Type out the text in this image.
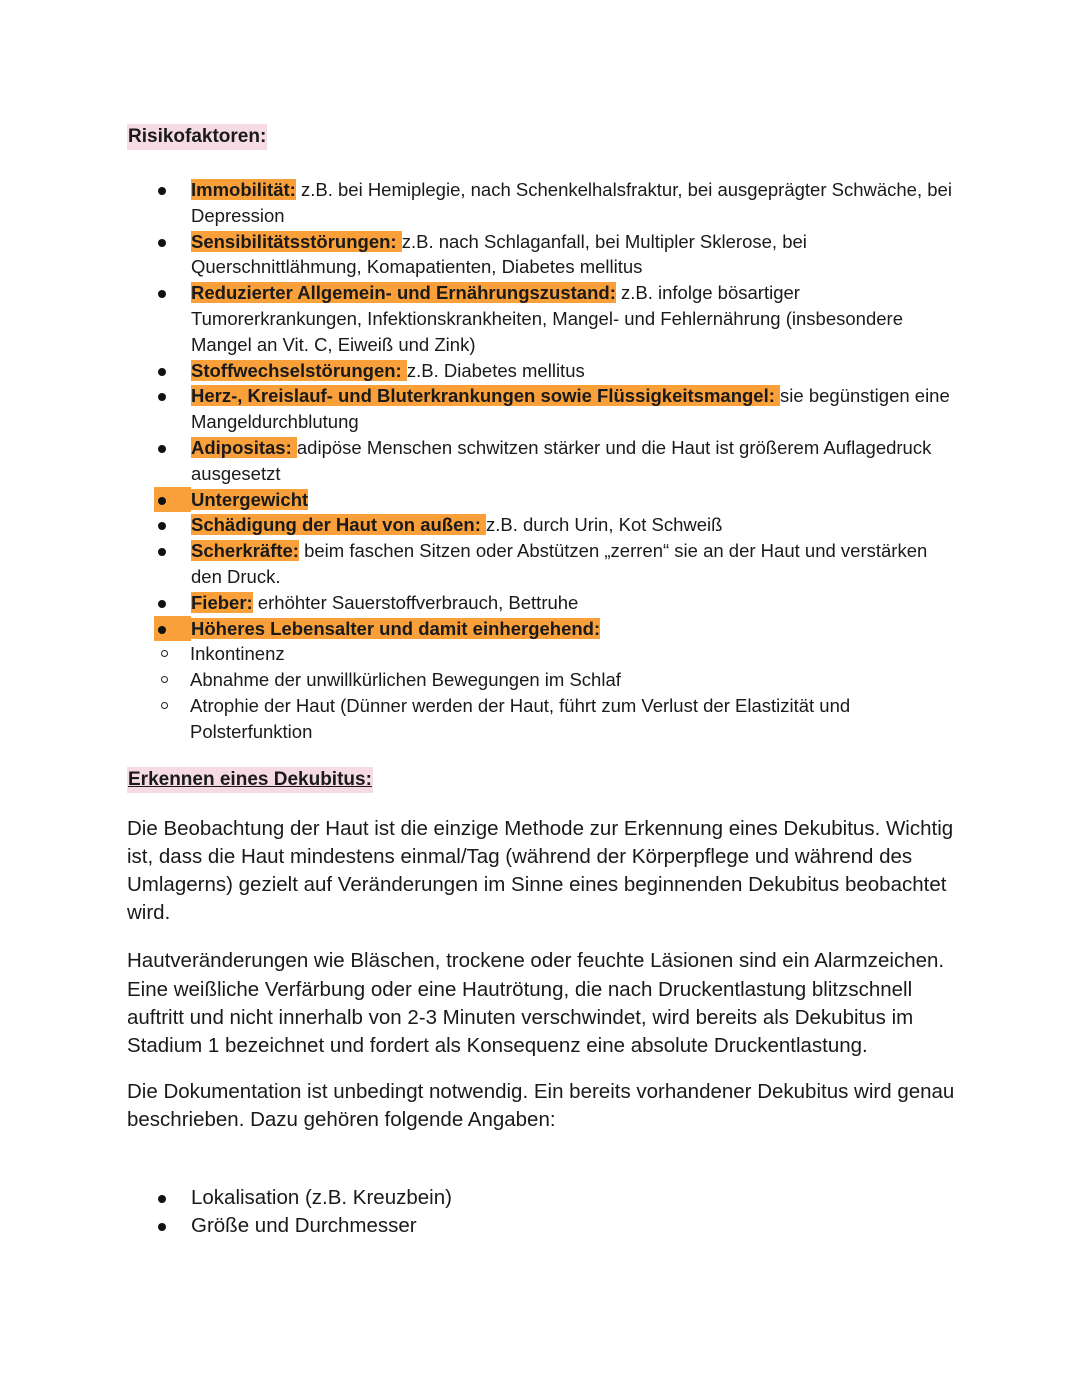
Risikofaktoren:
Immobilität: z.B. bei Hemiplegie, nach Schenkelhalsfraktur, bei ausgeprägter Schwäche, bei Depression
Sensibilitätsstörungen: z.B. nach Schlaganfall, bei Multipler Sklerose, bei Querschnittlähmung, Komapatienten, Diabetes mellitus
Reduzierter Allgemein- und Ernährungszustand: z.B. infolge bösartiger Tumorerkrankungen, Infektionskrankheiten, Mangel- und Fehlernährung (insbesondere Mangel an Vit. C, Eiweiß und Zink)
Stoffwechselstörungen: z.B. Diabetes mellitus
Herz-, Kreislauf- und Bluterkrankungen sowie Flüssigkeitsmangel: sie begünstigen eine Mangeldurchblutung
Adipositas: adipöse Menschen schwitzen stärker und die Haut ist größerem Auflagedruck ausgesetzt
Untergewicht
Schädigung der Haut von außen: z.B. durch Urin, Kot Schweiß
Scherkräfte: beim faschen Sitzen oder Abstützen „zerren“ sie an der Haut und verstärken den Druck.
Fieber: erhöhter Sauerstoffverbrauch, Bettruhe
Höheres Lebensalter und damit einhergehend:
Inkontinenz
Abnahme der unwillkürlichen Bewegungen im Schlaf
Atrophie der Haut (Dünner werden der Haut, führt zum Verlust der Elastizität und Polsterfunktion
Erkennen eines Dekubitus:

Die Beobachtung der Haut ist die einzige Methode zur Erkennung eines Dekubitus. Wichtig ist, dass die Haut mindestens einmal/Tag (während der Körperpflege und während des Umlagerns) gezielt auf Veränderungen im Sinne eines beginnenden Dekubitus beobachtet wird.

Hautveränderungen wie Bläschen, trockene oder feuchte Läsionen sind ein Alarmzeichen. Eine weißliche Verfärbung oder eine Hautrötung, die nach Druckentlastung blitzschnell auftritt und nicht innerhalb von 2-3 Minuten verschwindet, wird bereits als Dekubitus im Stadium 1 bezeichnet und fordert als Konsequenz eine absolute Druckentlastung.

Die Dokumentation ist unbedingt notwendig. Ein bereits vorhandener Dekubitus wird genau beschrieben. Dazu gehören folgende Angaben:

Lokalisation (z.B. Kreuzbein)
Größe und Durchmesser
